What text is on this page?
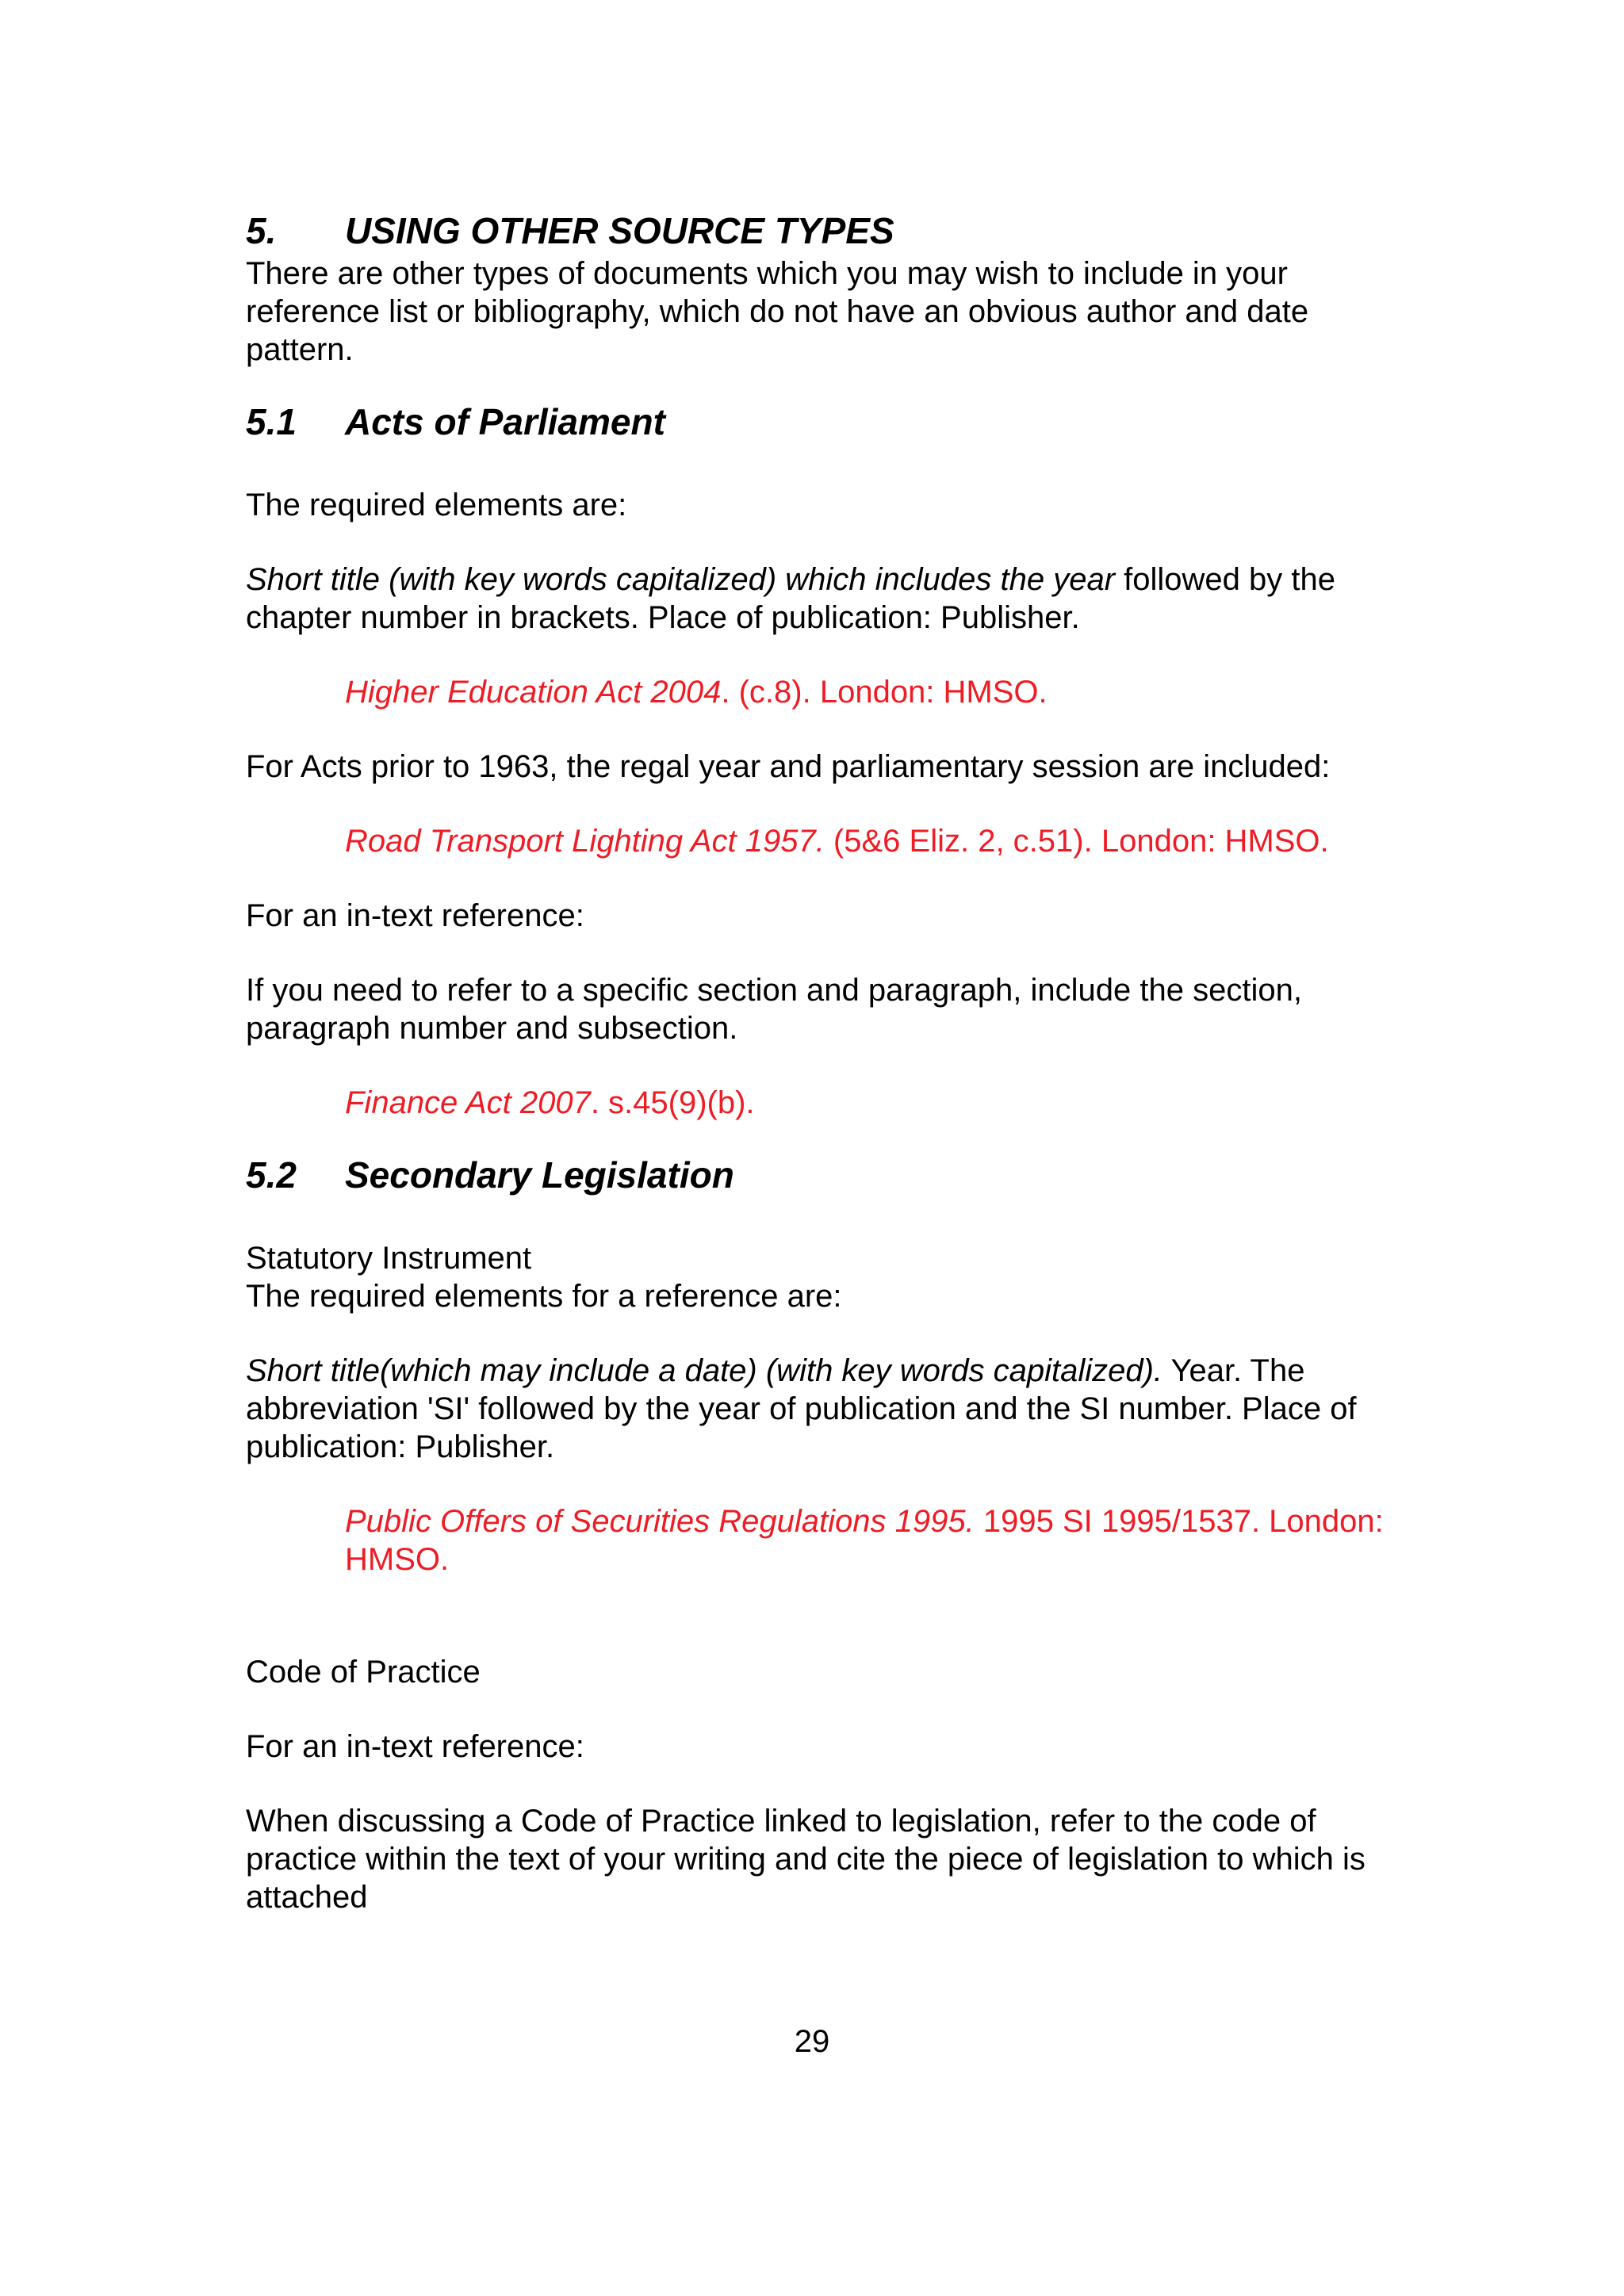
5. USING OTHER SOURCE TYPES

There are other types of documents which you may wish to include in your reference list or bibliography, which do not have an obvious author and date pattern.

5.1 Acts of Parliament

The required elements are:

Short title (with key words capitalized) which includes the year followed by the chapter number in brackets. Place of publication: Publisher.

Higher Education Act 2004. (c.8). London: HMSO.

For Acts prior to 1963, the regal year and parliamentary session are included:

Road Transport Lighting Act 1957. (5&6 Eliz. 2, c.51). London: HMSO.

For an in-text reference:

If you need to refer to a specific section and paragraph, include the section, paragraph number and subsection.

Finance Act 2007. s.45(9)(b).

5.2 Secondary Legislation

Statutory Instrument

The required elements for a reference are:

Short title(which may include a date) (with key words capitalized). Year. The abbreviation 'SI' followed by the year of publication and the SI number. Place of publication: Publisher.

Public Offers of Securities Regulations 1995. 1995 SI 1995/1537. London: HMSO.

Code of Practice

For an in-text reference:

When discussing a Code of Practice linked to legislation, refer to the code of practice within the text of your writing and cite the piece of legislation to which is attached

29
